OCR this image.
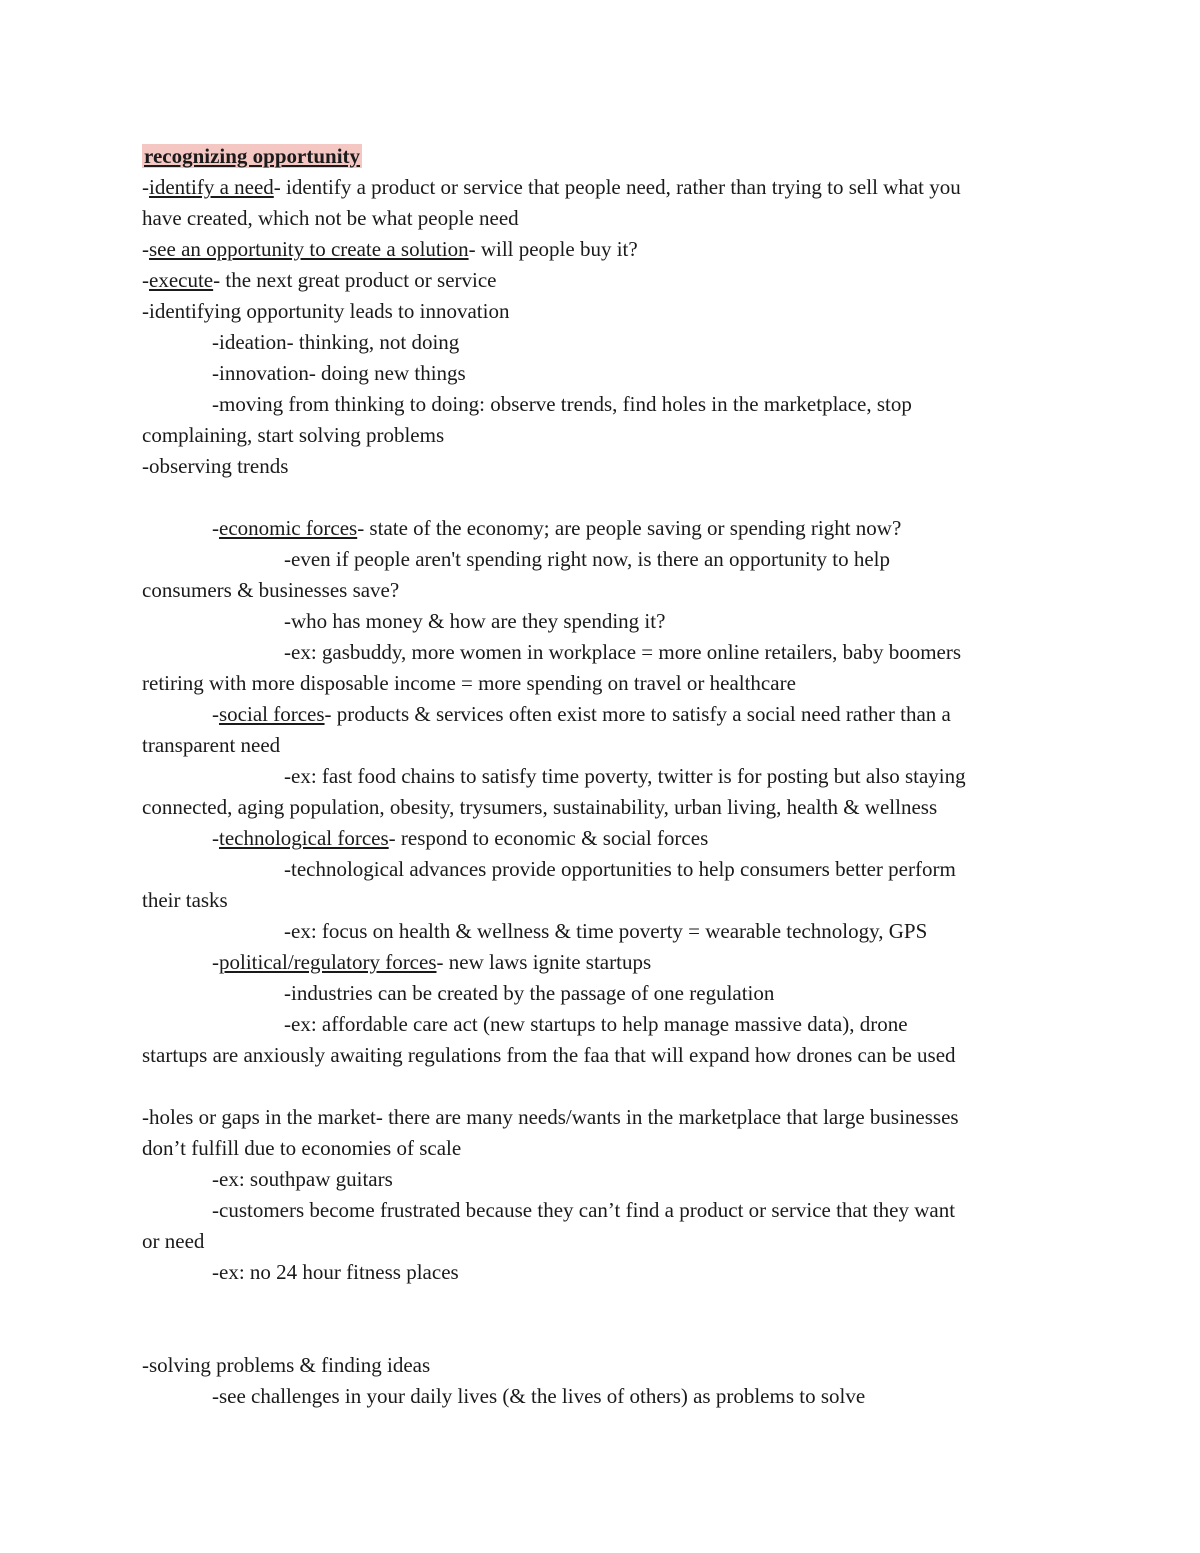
recognizing opportunity
-identify a need- identify a product or service that people need, rather than trying to sell what you
have created, which not be what people need
-see an opportunity to create a solution- will people buy it?
-execute- the next great product or service
-identifying opportunity leads to innovation
-ideation- thinking, not doing
-innovation- doing new things
-moving from thinking to doing: observe trends, find holes in the marketplace, stop
complaining, start solving problems
-observing trends
-economic forces- state of the economy; are people saving or spending right now?
-even if people aren't spending right now, is there an opportunity to help
consumers & businesses save?
-who has money & how are they spending it?
-ex: gasbuddy, more women in workplace = more online retailers, baby boomers
retiring with more disposable income = more spending on travel or healthcare
-social forces- products & services often exist more to satisfy a social need rather than a
transparent need
-ex: fast food chains to satisfy time poverty, twitter is for posting but also staying
connected, aging population, obesity, trysumers, sustainability, urban living, health & wellness
-technological forces- respond to economic & social forces
-technological advances provide opportunities to help consumers better perform
their tasks
-ex: focus on health & wellness & time poverty = wearable technology, GPS
-political/regulatory forces- new laws ignite startups
-industries can be created by the passage of one regulation
-ex: affordable care act (new startups to help manage massive data), drone
startups are anxiously awaiting regulations from the faa that will expand how drones can be used
-holes or gaps in the market- there are many needs/wants in the marketplace that large businesses
don’t fulfill due to economies of scale
-ex: southpaw guitars
-customers become frustrated because they can’t find a product or service that they want
or need
-ex: no 24 hour fitness places
-solving problems & finding ideas
-see challenges in your daily lives (& the lives of others) as problems to solve
